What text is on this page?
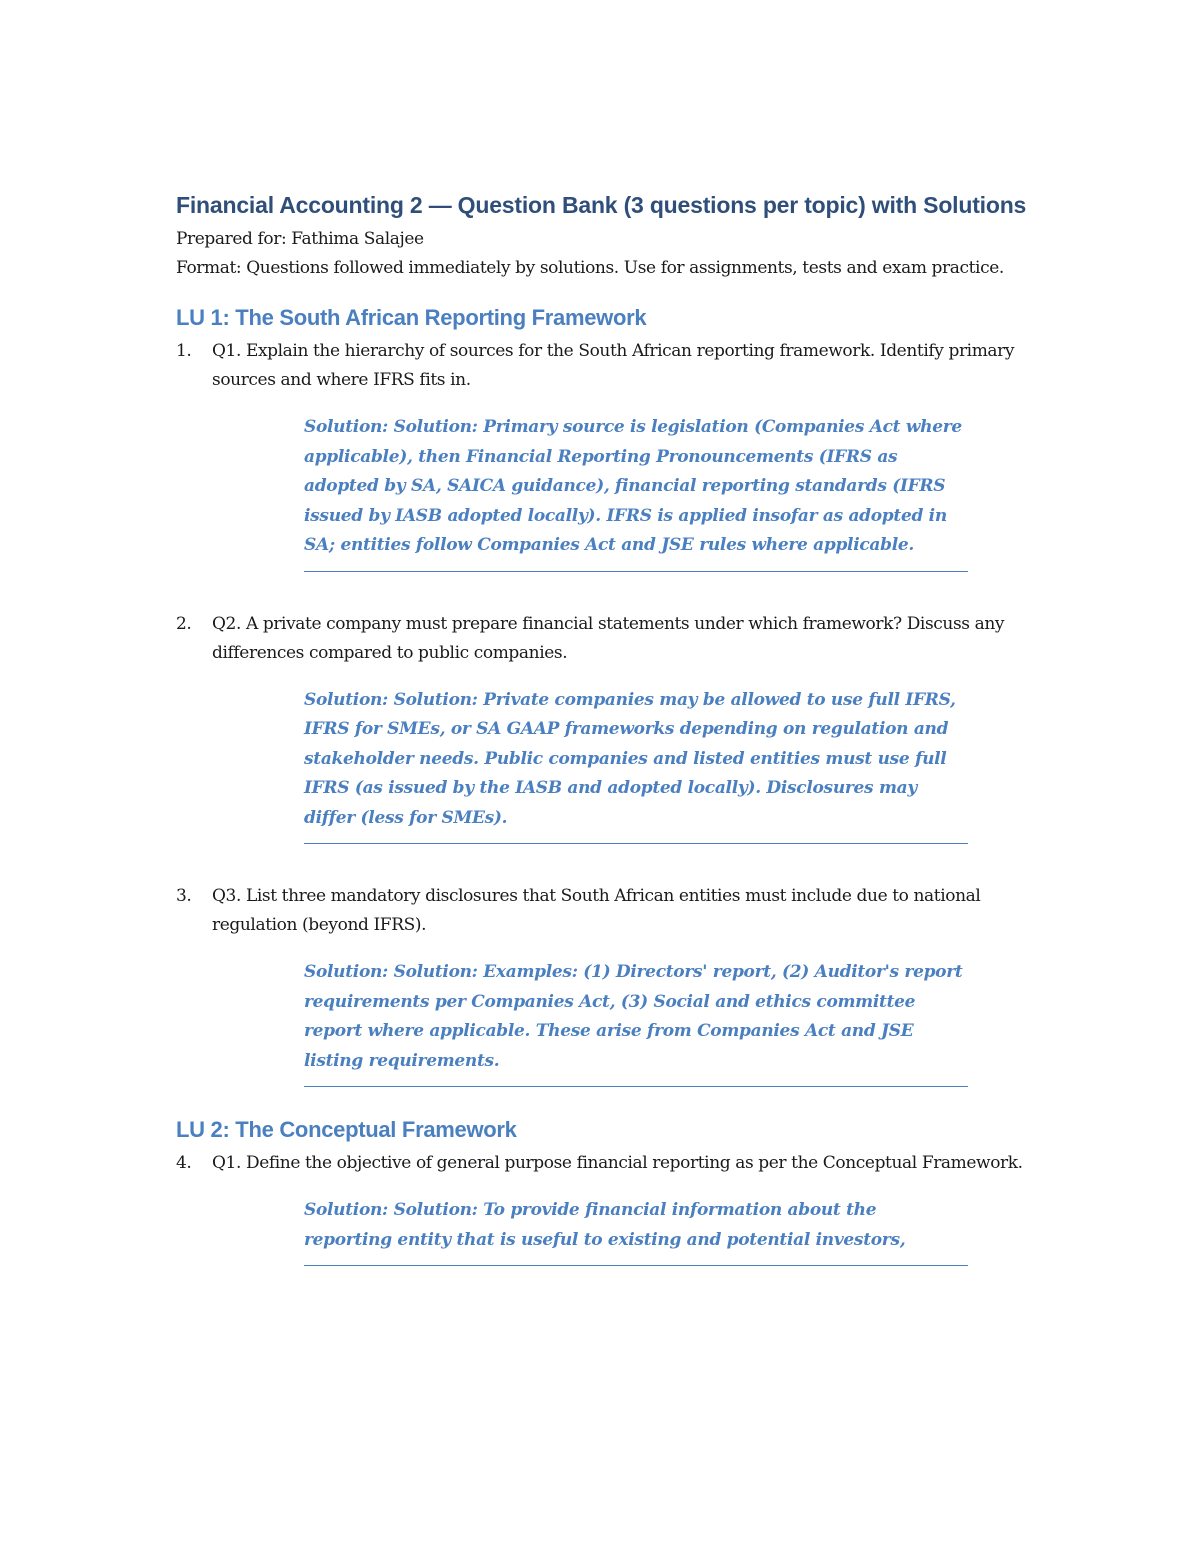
Financial Accounting 2 — Question Bank (3 questions per topic) with Solutions

Prepared for: Fathima Salajee

Format: Questions followed immediately by solutions. Use for assignments, tests and exam practice.

LU 1: The South African Reporting Framework
1. Q1. Explain the hierarchy of sources for the South African reporting framework. Identify primary sources and where IFRS fits in.

Solution: Solution: Primary source is legislation (Companies Act where applicable), then Financial Reporting Pronouncements (IFRS as adopted by SA, SAICA guidance), financial reporting standards (IFRS issued by IASB adopted locally). IFRS is applied insofar as adopted in SA; entities follow Companies Act and JSE rules where applicable.
2. Q2. A private company must prepare financial statements under which framework? Discuss any differences compared to public companies.

Solution: Solution: Private companies may be allowed to use full IFRS, IFRS for SMEs, or SA GAAP frameworks depending on regulation and stakeholder needs. Public companies and listed entities must use full IFRS (as issued by the IASB and adopted locally). Disclosures may differ (less for SMEs).
3. Q3. List three mandatory disclosures that South African entities must include due to national regulation (beyond IFRS).

Solution: Solution: Examples: (1) Directors' report, (2) Auditor's report requirements per Companies Act, (3) Social and ethics committee report where applicable. These arise from Companies Act and JSE listing requirements.
LU 2: The Conceptual Framework
4. Q1. Define the objective of general purpose financial reporting as per the Conceptual Framework.

Solution: Solution: To provide financial information about the reporting entity that is useful to existing and potential investors,
